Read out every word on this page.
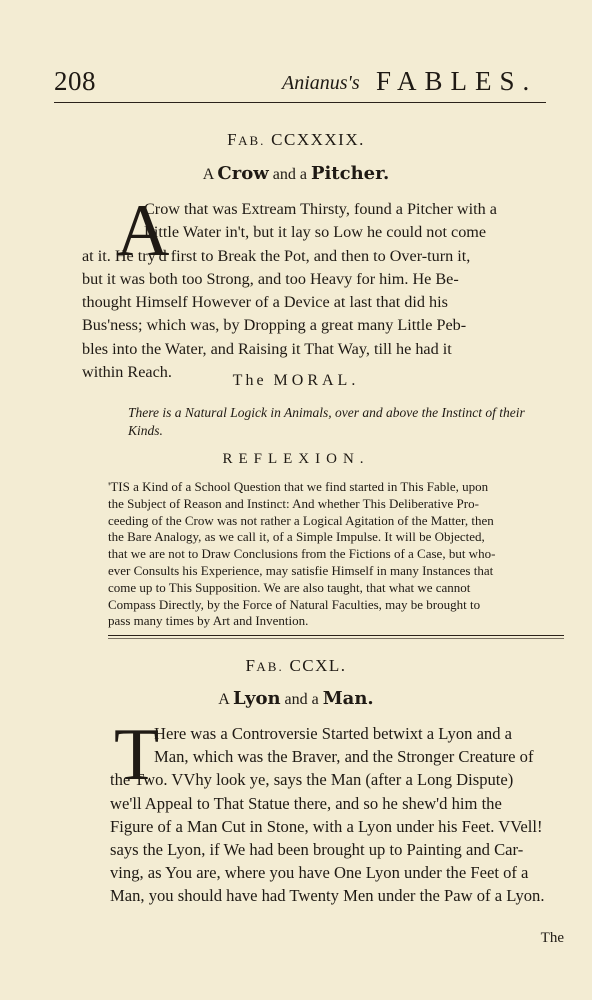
208	Anianus's FABLES.
FAB. CCXXXIX.
A Crow and a Pitcher.
A
Crow that was Extream Thirsty, found a Pitcher with a
Little Water in't, but it lay so Low he could not come
at it. He try'd first to Break the Pot, and then to Over-turn it,
but it was both too Strong, and too Heavy for him. He Be-
thought Himself However of a Device at last that did his
Bus'ness; which was, by Dropping a great many Little Peb-
bles into the Water, and Raising it That Way, till he had it
within Reach.	The MORAL.
There is a Natural Logick in Animals, over and above the Instinct of their
Kinds.
REFLEXION.
'TIS a Kind of a School Question that we find started in This Fable, upon
the Subject of Reason and Instinct: And whether This Deliberative Pro-
ceeding of the Crow was not rather a Logical Agitation of the Matter, then
the Bare Analogy, as we call it, of a Simple Impulse. It will be Objected,
that we are not to Draw Conclusions from the Fictions of a Case, but who-
ever Consults his Experience, may satisfie Himself in many Instances that
come up to This Supposition. We are also taught, that what we cannot
Compass Directly, by the Force of Natural Faculties, may be brought to
pass many times by Art and Invention.
FAB. CCXL.
A Lyon and a Man.
T
Here was a Controversie Started betwixt a Lyon and a
Man, which was the Braver, and the Stronger Creature of
the Two. VVhy look ye, says the Man (after a Long Dispute)
we'll Appeal to That Statue there, and so he shew'd him the
Figure of a Man Cut in Stone, with a Lyon under his Feet. VVell!
says the Lyon, if We had been brought up to Painting and Car-
ving, as You are, where you have One Lyon under the Feet of a
Man, you should have had Twenty Men under the Paw of a Lyon.
The
